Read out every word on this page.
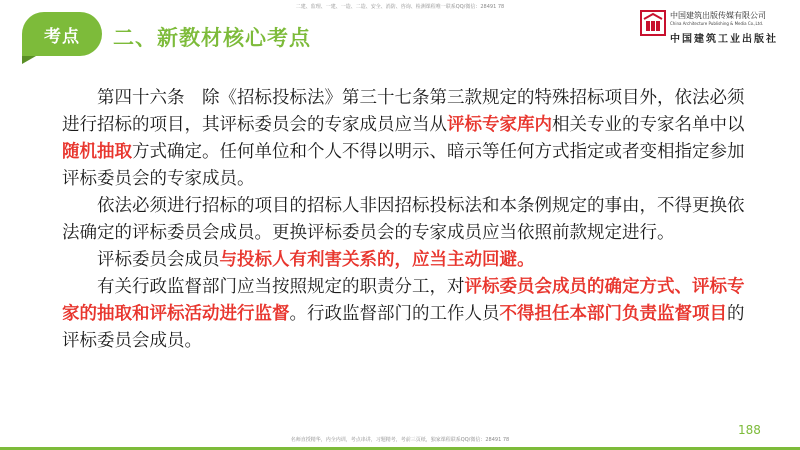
二建、监理、一建、一造、二造、安全、消防、咨询、检测课程唯一联系QQ/微信：28491 78
考点 二、新教材核心考点
中国建筑出版传媒有限公司
China Architecture Publishing & Media Co.,Ltd.
中国建筑工业出版社

第四十六条　除《招标投标法》第三十七条第三款规定的特殊招标项目外，依法必须进行招标的项目，其评标委员会的专家成员应当从评标专家库内相关专业的专家名单中以随机抽取方式确定。任何单位和个人不得以明示、暗示等任何方式指定或者变相指定参加评标委员会的专家成员。

依法必须进行招标的项目的招标人非因招标投标法和本条例规定的事由，不得更换依法确定的评标委员会成员。更换评标委员会的专家成员应当依照前款规定进行。

评标委员会成员与投标人有利害关系的，应当主动回避。

有关行政监督部门应当按照规定的职责分工，对评标委员会成员的确定方式、评标专家的抽取和评标活动进行监督。行政监督部门的工作人员不得担任本部门负责监督项目的评标委员会成员。

188
名师直授精华，内全内训，考点串讲，习题精考，考前三页纸，独家课程联系QQ/微信：28491 78
